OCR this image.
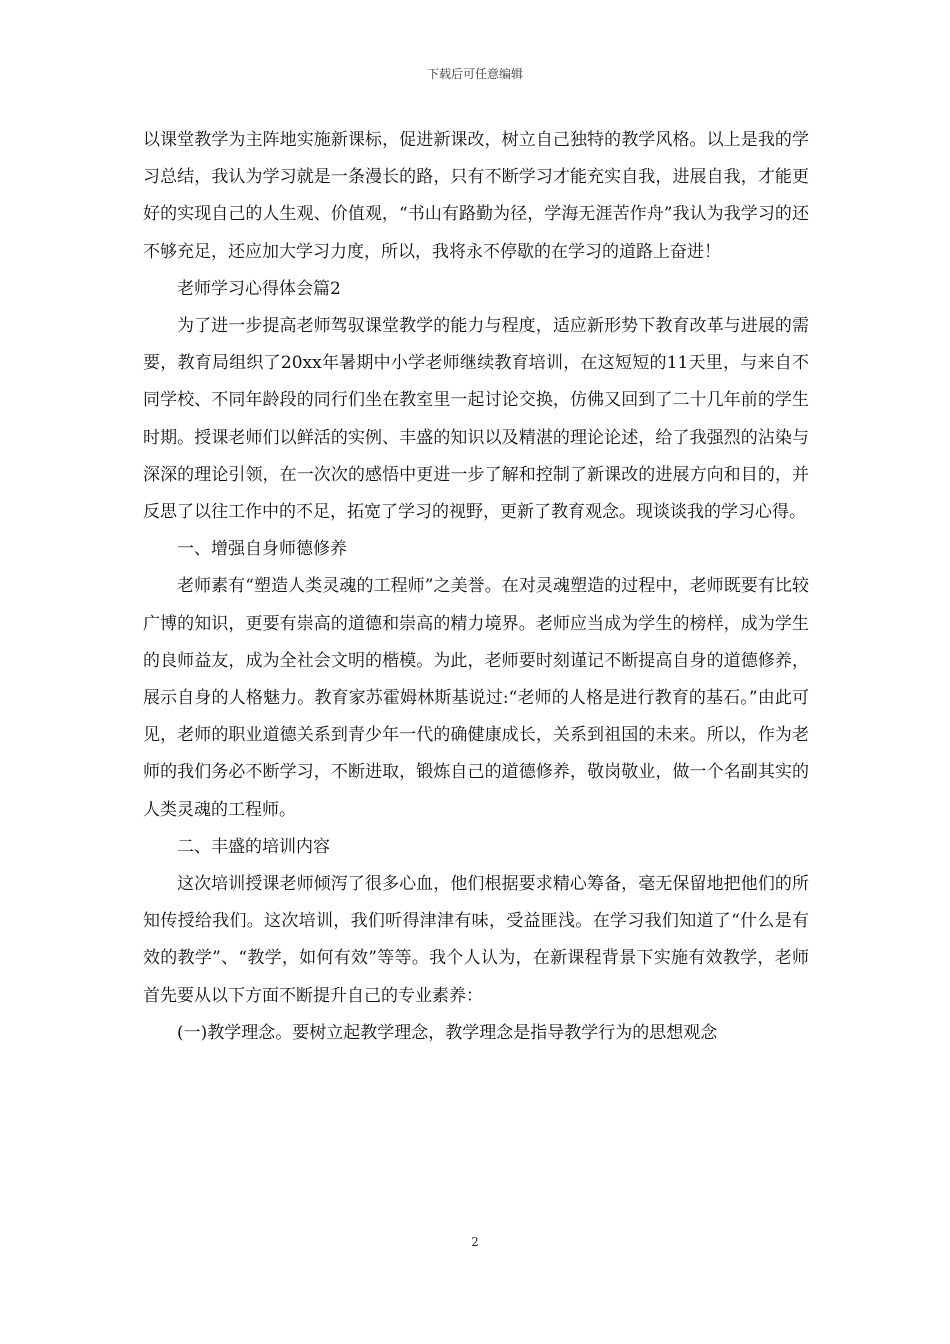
下载后可任意编辑

以课堂教学为主阵地实施新课标，促进新课改，树立自己独特的教学风格。以上是我的学习总结，我认为学习就是一条漫长的路，只有不断学习才能充实自我，进展自我，才能更好的实现自己的人生观、价值观，“书山有路勤为径，学海无涯苦作舟”我认为我学习的还不够充足，还应加大学习力度，所以，我将永不停歇的在学习的道路上奋进！

老师学习心得体会篇2

为了进一步提高老师驾驭课堂教学的能力与程度，适应新形势下教育改革与进展的需要，教育局组织了20xx年暑期中小学老师继续教育培训，在这短短的11天里，与来自不同学校、不同年龄段的同行们坐在教室里一起讨论交换，仿佛又回到了二十几年前的学生时期。授课老师们以鲜活的实例、丰盛的知识以及精湛的理论论述，给了我强烈的沾染与深深的理论引领，在一次次的感悟中更进一步了解和控制了新课改的进展方向和目的，并反思了以往工作中的不足，拓宽了学习的视野，更新了教育观念。现谈谈我的学习心得。

一、增强自身师德修养

老师素有“塑造人类灵魂的工程师”之美誉。在对灵魂塑造的过程中，老师既要有比较广博的知识，更要有崇高的道德和崇高的精力境界。老师应当成为学生的榜样，成为学生的良师益友，成为全社会文明的楷模。为此，老师要时刻谨记不断提高自身的道德修养，展示自身的人格魅力。教育家苏霍姆林斯基说过:“老师的人格是进行教育的基石。”由此可见，老师的职业道德关系到青少年一代的确健康成长，关系到祖国的未来。所以，作为老师的我们务必不断学习，不断进取，锻炼自己的道德修养，敬岗敬业，做一个名副其实的人类灵魂的工程师。

二、丰盛的培训内容

这次培训授课老师倾泻了很多心血，他们根据要求精心筹备，毫无保留地把他们的所知传授给我们。这次培训，我们听得津津有味，受益匪浅。在学习我们知道了“什么是有效的教学”、“教学，如何有效”等等。我个人认为，在新课程背景下实施有效教学，老师首先要从以下方面不断提升自己的专业素养：

(一)教学理念。要树立起教学理念，教学理念是指导教学行为的思想观念

2
